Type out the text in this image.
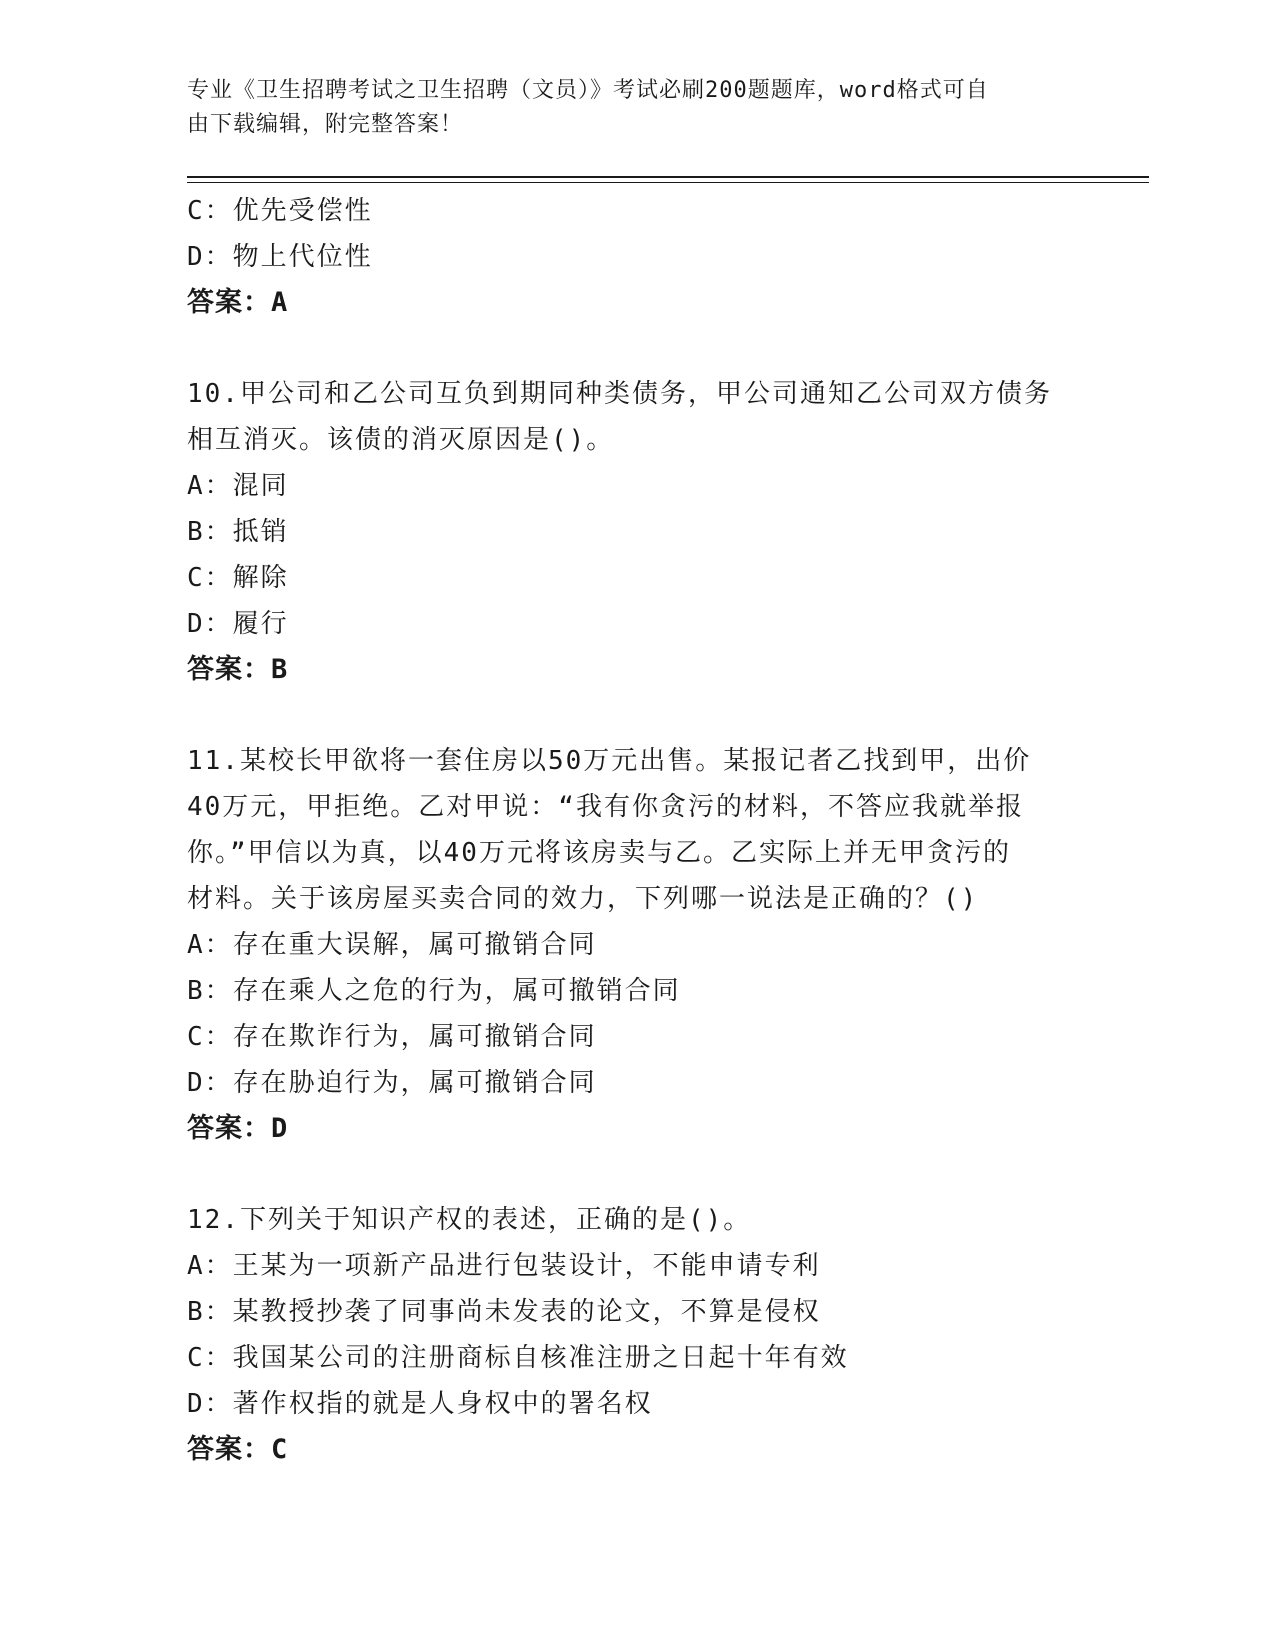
专业《卫生招聘考试之卫生招聘（文员）》考试必刷200题题库，word格式可自
由下载编辑，附完整答案！
C：优先受偿性
D：物上代位性
答案：A
10.甲公司和乙公司互负到期同种类债务，甲公司通知乙公司双方债务
相互消灭。该债的消灭原因是()。
A：混同
B：抵销
C：解除
D：履行
答案：B
11.某校长甲欲将一套住房以50万元出售。某报记者乙找到甲，出价
40万元，甲拒绝。乙对甲说：“我有你贪污的材料，不答应我就举报
你。”甲信以为真，以40万元将该房卖与乙。乙实际上并无甲贪污的
材料。关于该房屋买卖合同的效力，下列哪一说法是正确的？()
A：存在重大误解，属可撤销合同
B：存在乘人之危的行为，属可撤销合同
C：存在欺诈行为，属可撤销合同
D：存在胁迫行为，属可撤销合同
答案：D
12.下列关于知识产权的表述，正确的是()。
A：王某为一项新产品进行包装设计，不能申请专利
B：某教授抄袭了同事尚未发表的论文，不算是侵权
C：我国某公司的注册商标自核准注册之日起十年有效
D：著作权指的就是人身权中的署名权
答案：C
